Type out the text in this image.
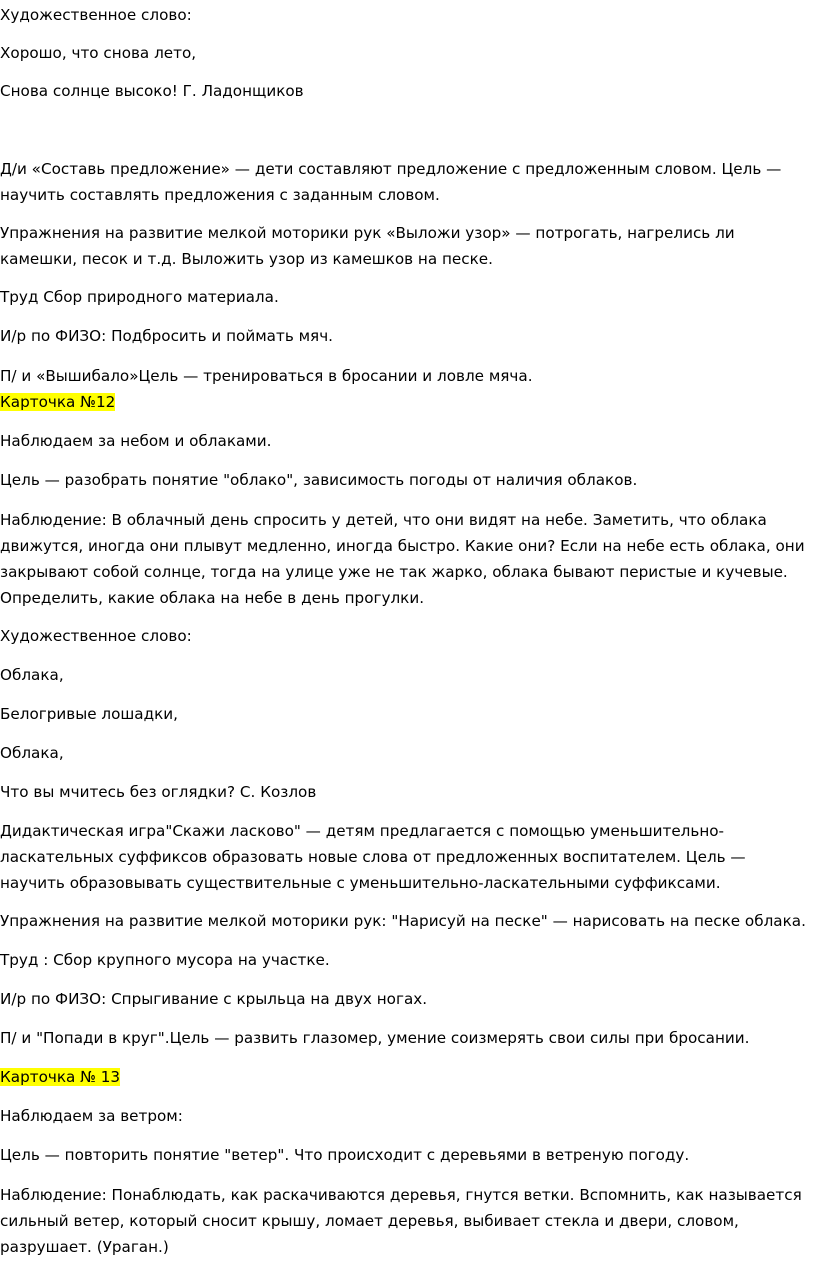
Художественное слово:

Хорошо, что снова лето,

Снова солнце высоко! Г. Ладонщиков

Д/и «Составь предложение» — дети составляют предложение с предложенным словом. Цель —
научить составлять предложения с заданным словом.

Упражнения на развитие мелкой моторики рук «Выложи узор» — потрогать, нагрелись ли
камешки, песок и т.д. Выложить узор из камешков на песке.

Труд Сбор природного материала.

И/р по ФИЗО: Подбросить и поймать мяч.

П/ и «Вышибало»Цель — тренироваться в бросании и ловле мяча.

Карточка №12

Наблюдаем за небом и облаками.

Цель — разобрать понятие "облако", зависимость погоды от наличия облаков.

Наблюдение: В облачный день спросить у детей, что они видят на небе. Заметить, что облака
движутся, иногда они плывут медленно, иногда быстро. Какие они? Если на небе есть облака, они
закрывают собой солнце, тогда на улице уже не так жарко, облака бывают перистые и кучевые.
Определить, какие облака на небе в день прогулки.

Художественное слово:

Облака,

Белогривые лошадки,

Облака,

Что вы мчитесь без оглядки? С. Козлов

Дидактическая игра"Скажи ласково" — детям предлагается с помощью уменьшительно-
ласкательных суффиксов образовать новые слова от предложенных воспитателем. Цель —
научить образовывать существительные с уменьшительно-ласкательными суффиксами.

Упражнения на развитие мелкой моторики рук: "Нарисуй на песке" — нарисовать на песке облака.

Труд : Сбор крупного мусора на участке.

И/р по ФИЗО: Спрыгивание с крыльца на двух ногах.

П/ и "Попади в круг".Цель — развить глазомер, умение соизмерять свои силы при бросании.

Карточка № 13

Наблюдаем за ветром:

Цель — повторить понятие "ветер". Что происходит с деревьями в ветреную погоду.

Наблюдение: Понаблюдать, как раскачиваются деревья, гнутся ветки. Вспомнить, как называется
сильный ветер, который сносит крышу, ломает деревья, выбивает стекла и двери, словом,
разрушает. (Ураган.)
